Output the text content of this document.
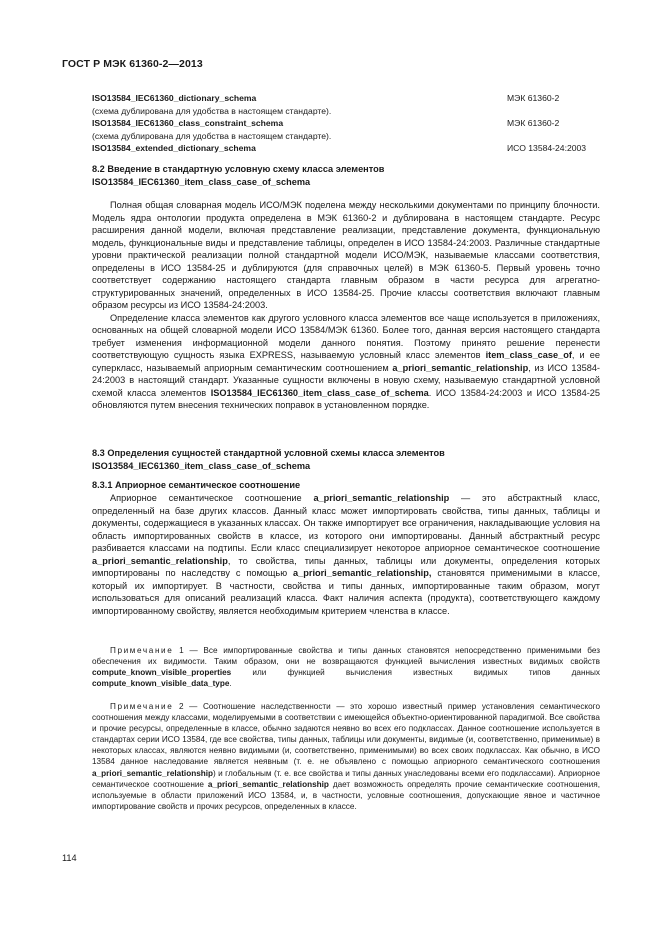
ГОСТ Р МЭК 61360-2—2013
ISO13584_IEC61360_dictionary_schema	МЭК 61360-2
(схема дублирована для удобства в настоящем стандарте).
ISO13584_IEC61360_class_constraint_schema	МЭК 61360-2
(схема дублирована для удобства в настоящем стандарте).
ISO13584_extended_dictionary_schema	ИСО 13584-24:2003
8.2 Введение в стандартную условную схему класса элементов
ISO13584_IEC61360_item_class_case_of_schema

Полная общая словарная модель ИСО/МЭК поделена между несколькими документами по принципу блочности. Модель ядра онтологии продукта определена в МЭК 61360-2 и дублирована в настоящем стандарте. Ресурс расширения данной модели, включая представление реализации, представление документа, функциональную модель, функциональные виды и представление таблицы, определен в ИСО 13584-24:2003. Различные стандартные уровни практической реализации полной стандартной модели ИСО/МЭК, называемые классами соответствия, определены в ИСО 13584-25 и дублируются (для справочных целей) в МЭК 61360-5. Первый уровень точно соответствует содержанию настоящего стандарта главным образом в части ресурса для агрегатно-структурированных значений, определенных в ИСО 13584-25. Прочие классы соответствия включают главным образом ресурсы из ИСО 13584-24:2003.

Определение класса элементов как другого условного класса элементов все чаще используется в приложениях, основанных на общей словарной модели ИСО 13584/МЭК 61360. Более того, данная версия настоящего стандарта требует изменения информационной модели данного понятия. Поэтому принято решение перенести соответствующую сущность языка EXPRESS, называемую условный класс элементов item_class_case_of, и ее суперкласс, называемый априорным семантическим соотношением a_priori_semantic_relationship, из ИСО 13584-24:2003 в настоящий стандарт. Указанные сущности включены в новую схему, называемую стандартной условной схемой класса элементов ISO13584_IEC61360_item_class_case_of_schema. ИСО 13584-24:2003 и ИСО 13584-25 обновляются путем внесения технических поправок в установленном порядке.

8.3 Определения сущностей стандартной условной схемы класса элементов
ISO13584_IEC61360_item_class_case_of_schema
8.3.1 Априорное семантическое соотношение

Априорное семантическое соотношение a_priori_semantic_relationship — это абстрактный класс, определенный на базе других классов. Данный класс может импортировать свойства, типы данных, таблицы и документы, содержащиеся в указанных классах. Он также импортирует все ограничения, накладывающие условия на область импортированных свойств в классе, из которого они импортированы. Данный абстрактный ресурс разбивается классами на подтипы. Если класс специализирует некоторое априорное семантическое соотношение a_priori_semantic_relationship, то свойства, типы данных, таблицы или документы, определения которых импортированы по наследству с помощью a_priori_semantic_relationship, становятся применимыми в классе, который их импортирует. В частности, свойства и типы данных, импортированные таким образом, могут использоваться для описаний реализаций класса. Факт наличия аспекта (продукта), соответствующего каждому импортированному свойству, является необходимым критерием членства в классе.

Примечание 1 — Все импортированные свойства и типы данных становятся непосредственно применимыми без обеспечения их видимости. Таким образом, они не возвращаются функцией вычисления известных видимых свойств compute_known_visible_properties или функцией вычисления известных видимых типов данных compute_known_visible_data_type.

Примечание 2 — Соотношение наследственности — это хорошо известный пример установления семантического соотношения между классами, моделируемыми в соответствии с имеющейся объектно-ориентированной парадигмой. Все свойства и прочие ресурсы, определенные в классе, обычно задаются неявно во всех его подклассах. Данное соотношение используется в стандартах серии ИСО 13584, где все свойства, типы данных, таблицы или документы, видимые (и, соответственно, применимые) в некоторых классах, являются неявно видимыми (и, соответственно, применимыми) во всех своих подклассах. Как обычно, в ИСО 13584 данное наследование является неявным (т. е. не объявлено с помощью априорного семантического соотношения a_priori_semantic_relationship) и глобальным (т. е. все свойства и типы данных унаследованы всеми его подклассами). Априорное семантическое соотношение a_priori_semantic_relationship дает возможность определять прочие семантические соотношения, используемые в области приложений ИСО 13584, и, в частности, условные соотношения, допускающие явное и частичное импортирование свойств и прочих ресурсов, определенных в классе.

114
